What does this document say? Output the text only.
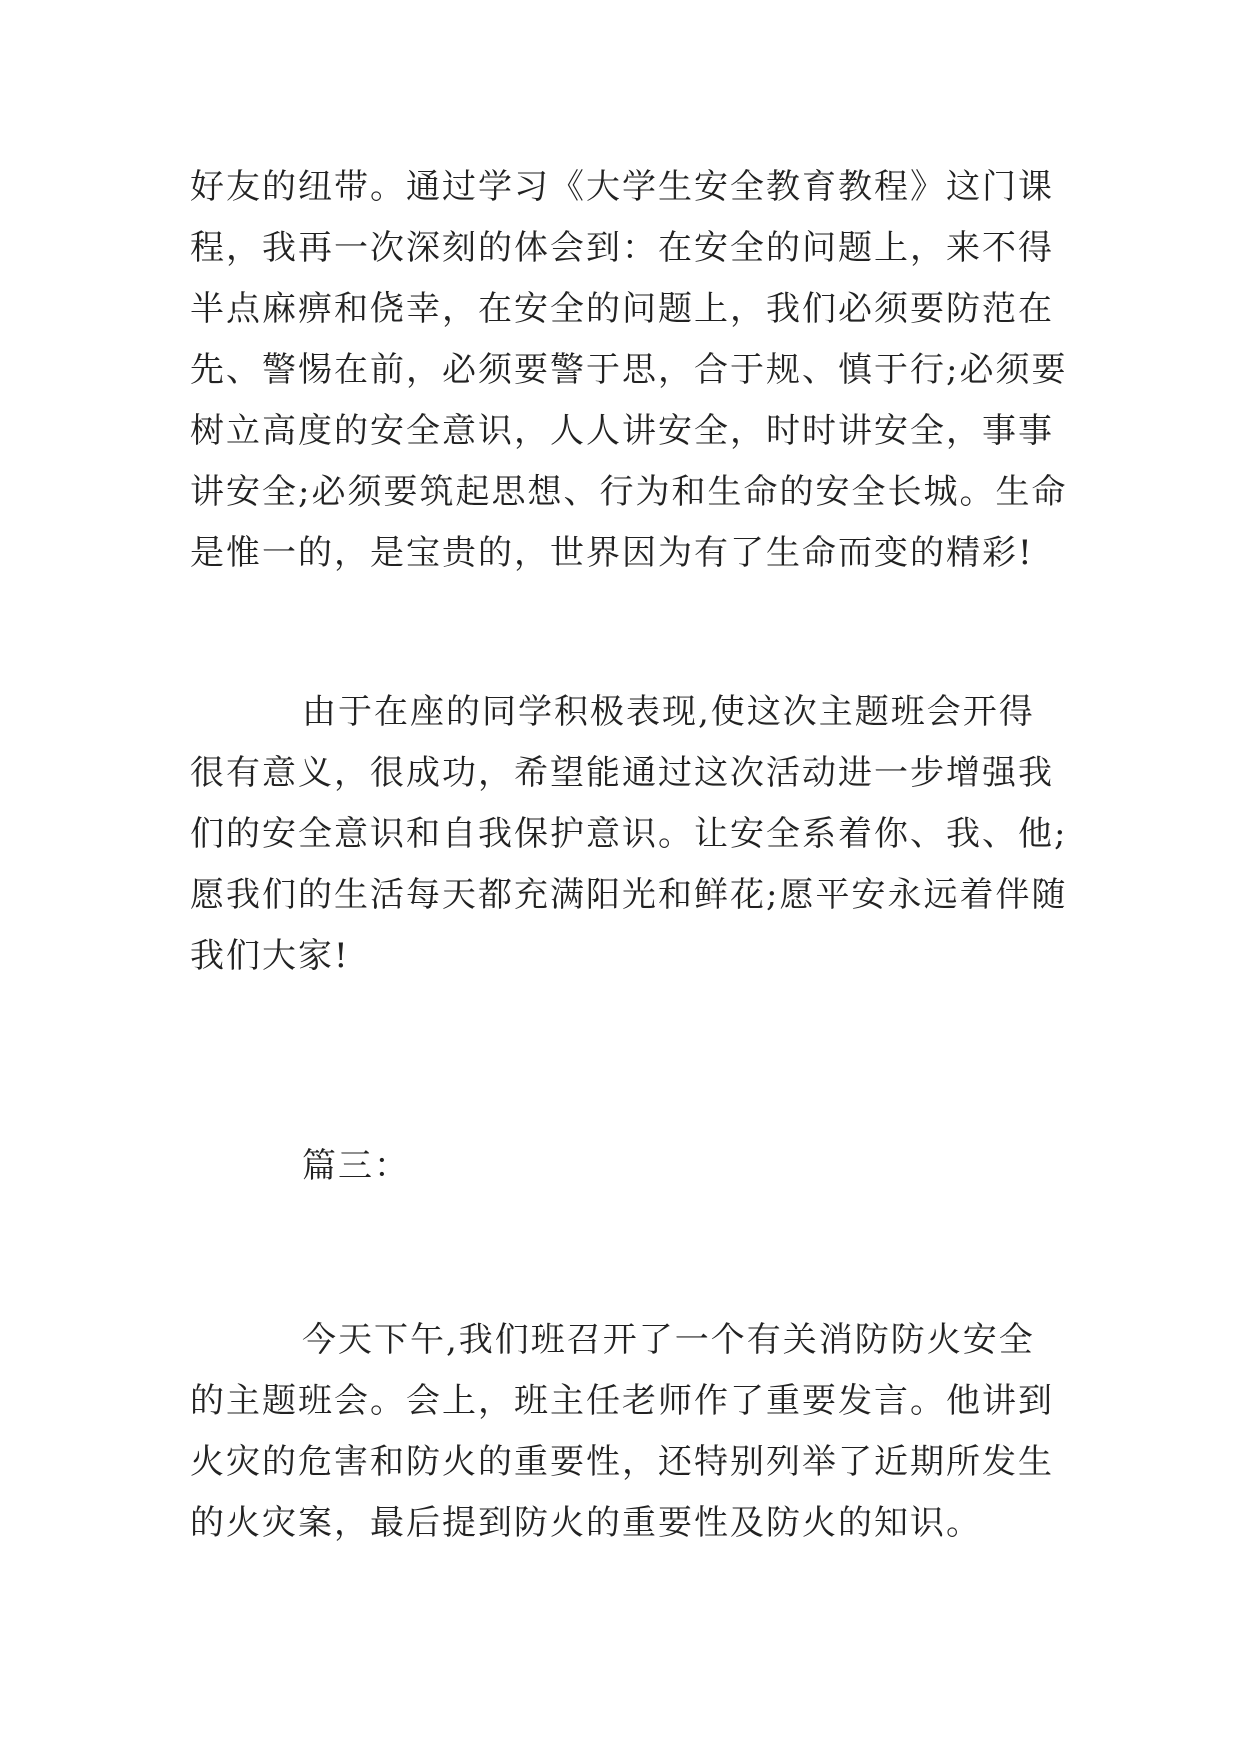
好友的纽带。通过学习《大学生安全教育教程》这门课程，我再一次深刻的体会到：在安全的问题上，来不得半点麻痹和侥幸，在安全的问题上，我们必须要防范在先、警惕在前，必须要警于思，合于规、慎于行;必须要树立高度的安全意识，人人讲安全，时时讲安全，事事讲安全;必须要筑起思想、行为和生命的安全长城。生命是惟一的，是宝贵的，世界因为有了生命而变的精彩!

由于在座的同学积极表现,使这次主题班会开得很有意义，很成功，希望能通过这次活动进一步增强我们的安全意识和自我保护意识。让安全系着你、我、他;愿我们的生活每天都充满阳光和鲜花;愿平安永远着伴随我们大家!

篇三：

今天下午,我们班召开了一个有关消防防火安全的主题班会。会上，班主任老师作了重要发言。他讲到火灾的危害和防火的重要性，还特别列举了近期所发生的火灾案，最后提到防火的重要性及防火的知识。
